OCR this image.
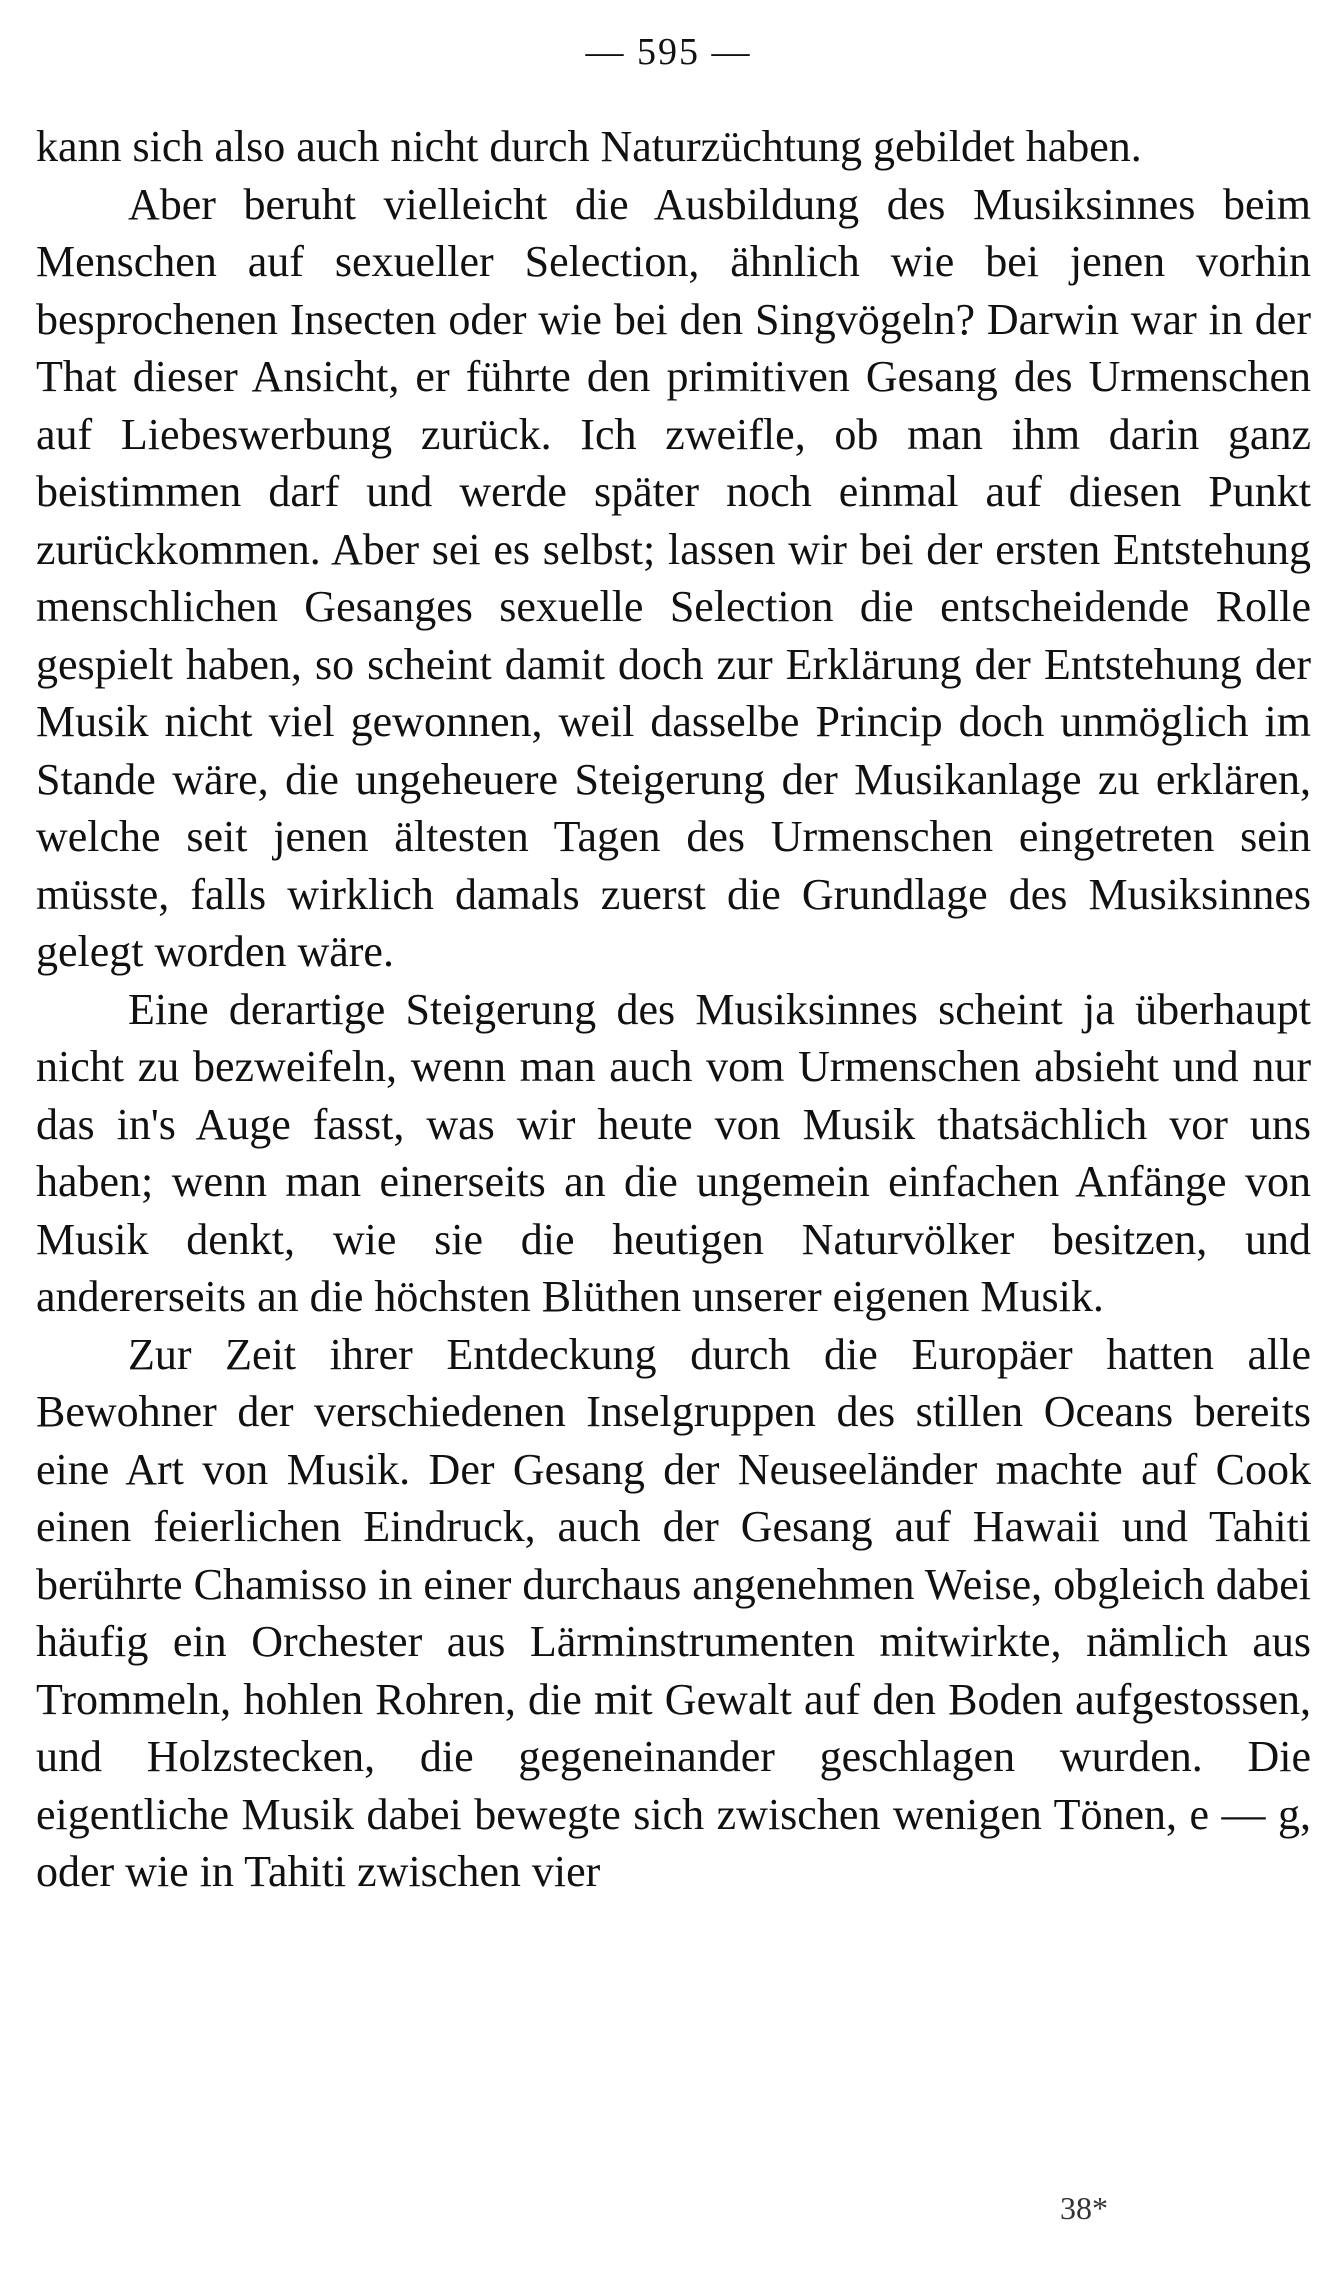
— 595 —

kann sich also auch nicht durch Naturzüchtung gebildet haben.

Aber beruht vielleicht die Ausbildung des Musiksinnes beim Menschen auf sexueller Selection, ähnlich wie bei jenen vorhin besprochenen Insecten oder wie bei den Singvögeln? Darwin war in der That dieser Ansicht, er führte den primitiven Gesang des Urmenschen auf Liebeswerbung zurück. Ich zweifle, ob man ihm darin ganz beistimmen darf und werde später noch einmal auf diesen Punkt zurückkommen. Aber sei es selbst; lassen wir bei der ersten Entstehung menschlichen Gesanges sexuelle Selection die entscheidende Rolle gespielt haben, so scheint damit doch zur Erklärung der Entstehung der Musik nicht viel gewonnen, weil dasselbe Princip doch unmöglich im Stande wäre, die ungeheuere Steigerung der Musikanlage zu erklären, welche seit jenen ältesten Tagen des Urmenschen eingetreten sein müsste, falls wirklich damals zuerst die Grundlage des Musiksinnes gelegt worden wäre.

Eine derartige Steigerung des Musiksinnes scheint ja überhaupt nicht zu bezweifeln, wenn man auch vom Urmenschen absieht und nur das in's Auge fasst, was wir heute von Musik thatsächlich vor uns haben; wenn man einerseits an die ungemein einfachen Anfänge von Musik denkt, wie sie die heutigen Naturvölker besitzen, und andererseits an die höchsten Blüthen unserer eigenen Musik.

Zur Zeit ihrer Entdeckung durch die Europäer hatten alle Bewohner der verschiedenen Inselgruppen des stillen Oceans bereits eine Art von Musik. Der Gesang der Neuseeländer machte auf Cook einen feierlichen Eindruck, auch der Gesang auf Hawaii und Tahiti berührte Chamisso in einer durchaus angenehmen Weise, obgleich dabei häufig ein Orchester aus Lärminstrumenten mitwirkte, nämlich aus Trommeln, hohlen Rohren, die mit Gewalt auf den Boden aufgestossen, und Holzstecken, die gegeneinander geschlagen wurden. Die eigentliche Musik dabei bewegte sich zwischen wenigen Tönen, e — g, oder wie in Tahiti zwischen vier

38*
